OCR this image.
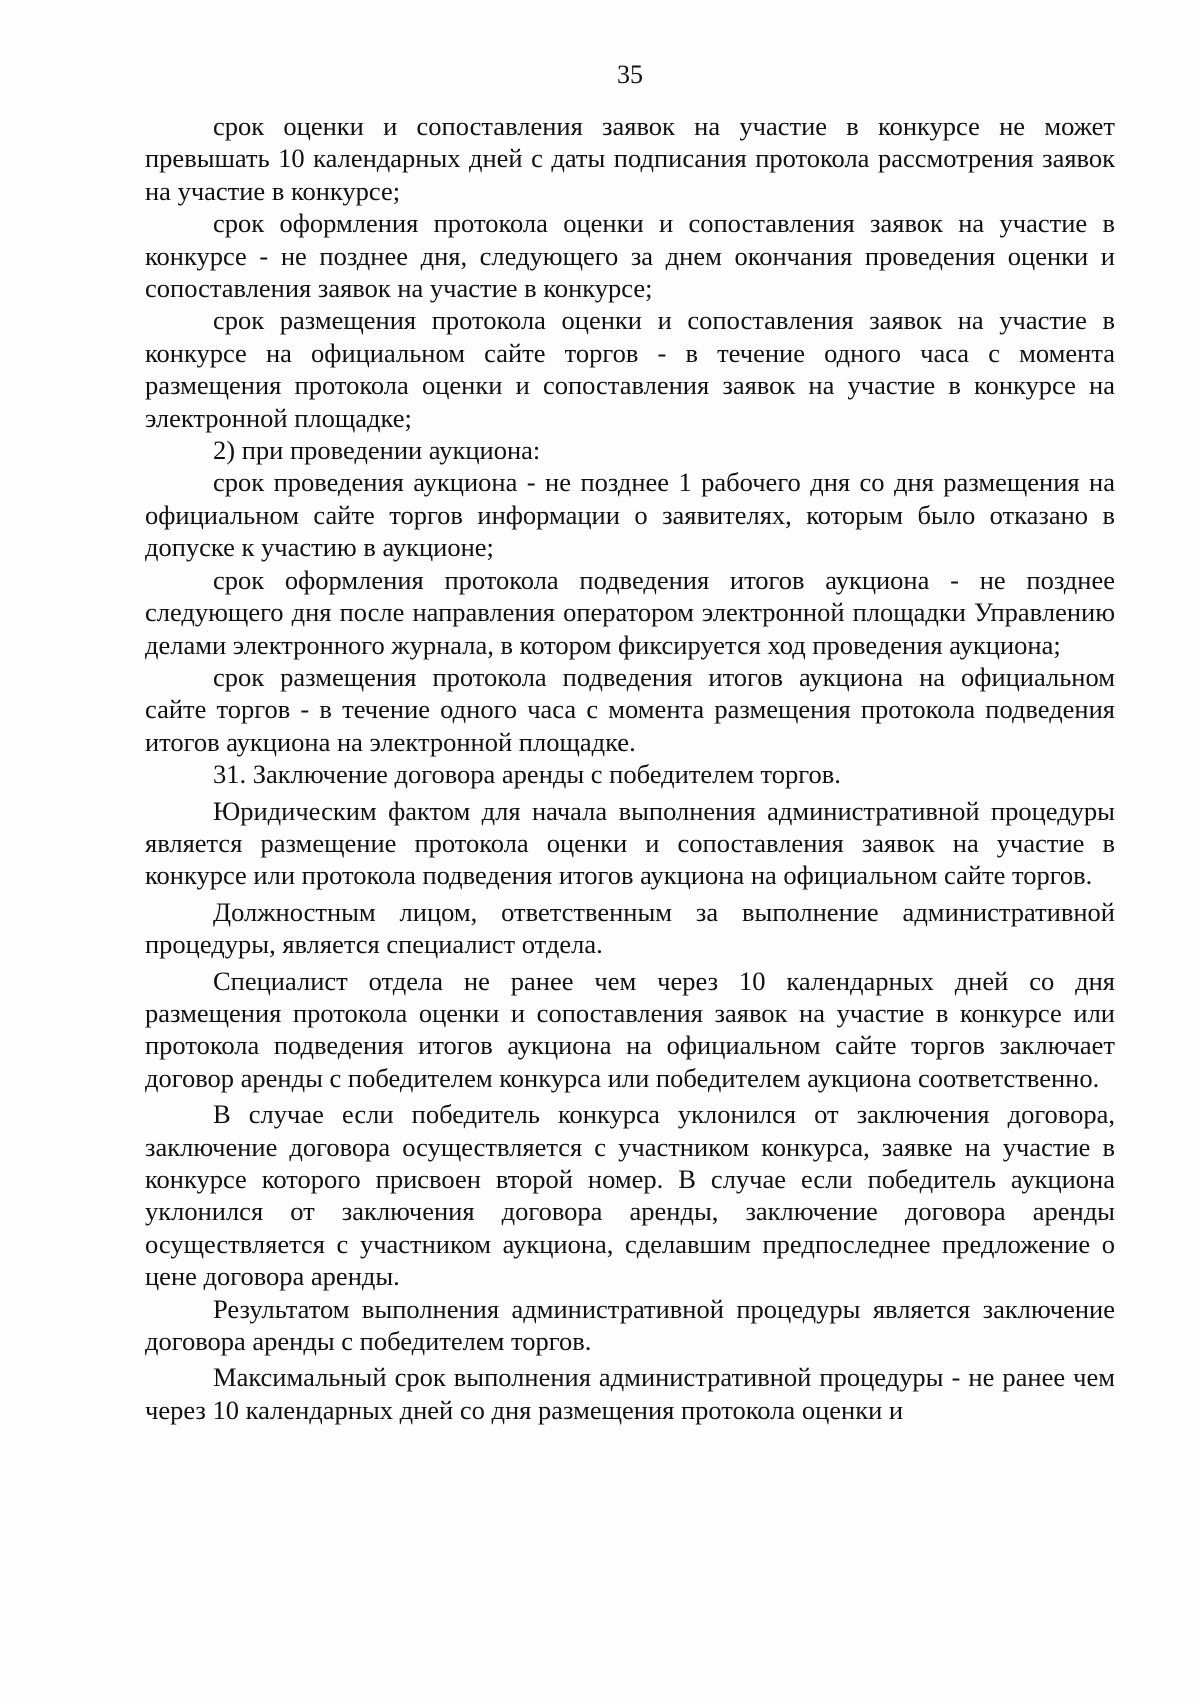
35

срок оценки и сопоставления заявок на участие в конкурсе не может превышать 10 календарных дней с даты подписания протокола рассмотрения заявок на участие в конкурсе;

срок оформления протокола оценки и сопоставления заявок на участие в конкурсе - не позднее дня, следующего за днем окончания проведения оценки и сопоставления заявок на участие в конкурсе;

срок размещения протокола оценки и сопоставления заявок на участие в конкурсе на официальном сайте торгов - в течение одного часа с момента размещения протокола оценки и сопоставления заявок на участие в конкурсе на электронной площадке;

2) при проведении аукциона:

срок проведения аукциона - не позднее 1 рабочего дня со дня размещения на официальном сайте торгов информации о заявителях, которым было отказано в допуске к участию в аукционе;

срок оформления протокола подведения итогов аукциона - не позднее следующего дня после направления оператором электронной площадки Управлению делами электронного журнала, в котором фиксируется ход проведения аукциона;

срок размещения протокола подведения итогов аукциона на официальном сайте торгов - в течение одного часа с момента размещения протокола подведения итогов аукциона на электронной площадке.

31. Заключение договора аренды с победителем торгов.

Юридическим фактом для начала выполнения административной процедуры является размещение протокола оценки и сопоставления заявок на участие в конкурсе или протокола подведения итогов аукциона на официальном сайте торгов.

Должностным лицом, ответственным за выполнение административной процедуры, является специалист отдела.

Специалист отдела не ранее чем через 10 календарных дней со дня размещения протокола оценки и сопоставления заявок на участие в конкурсе или протокола подведения итогов аукциона на официальном сайте торгов заключает договор аренды с победителем конкурса или победителем аукциона соответственно.

В случае если победитель конкурса уклонился от заключения договора, заключение договора осуществляется с участником конкурса, заявке на участие в конкурсе которого присвоен второй номер. В случае если победитель аукциона уклонился от заключения договора аренды, заключение договора аренды осуществляется с участником аукциона, сделавшим предпоследнее предложение о цене договора аренды.

Результатом выполнения административной процедуры является заключение договора аренды с победителем торгов.

Максимальный срок выполнения административной процедуры - не ранее чем через 10 календарных дней со дня размещения протокола оценки и
